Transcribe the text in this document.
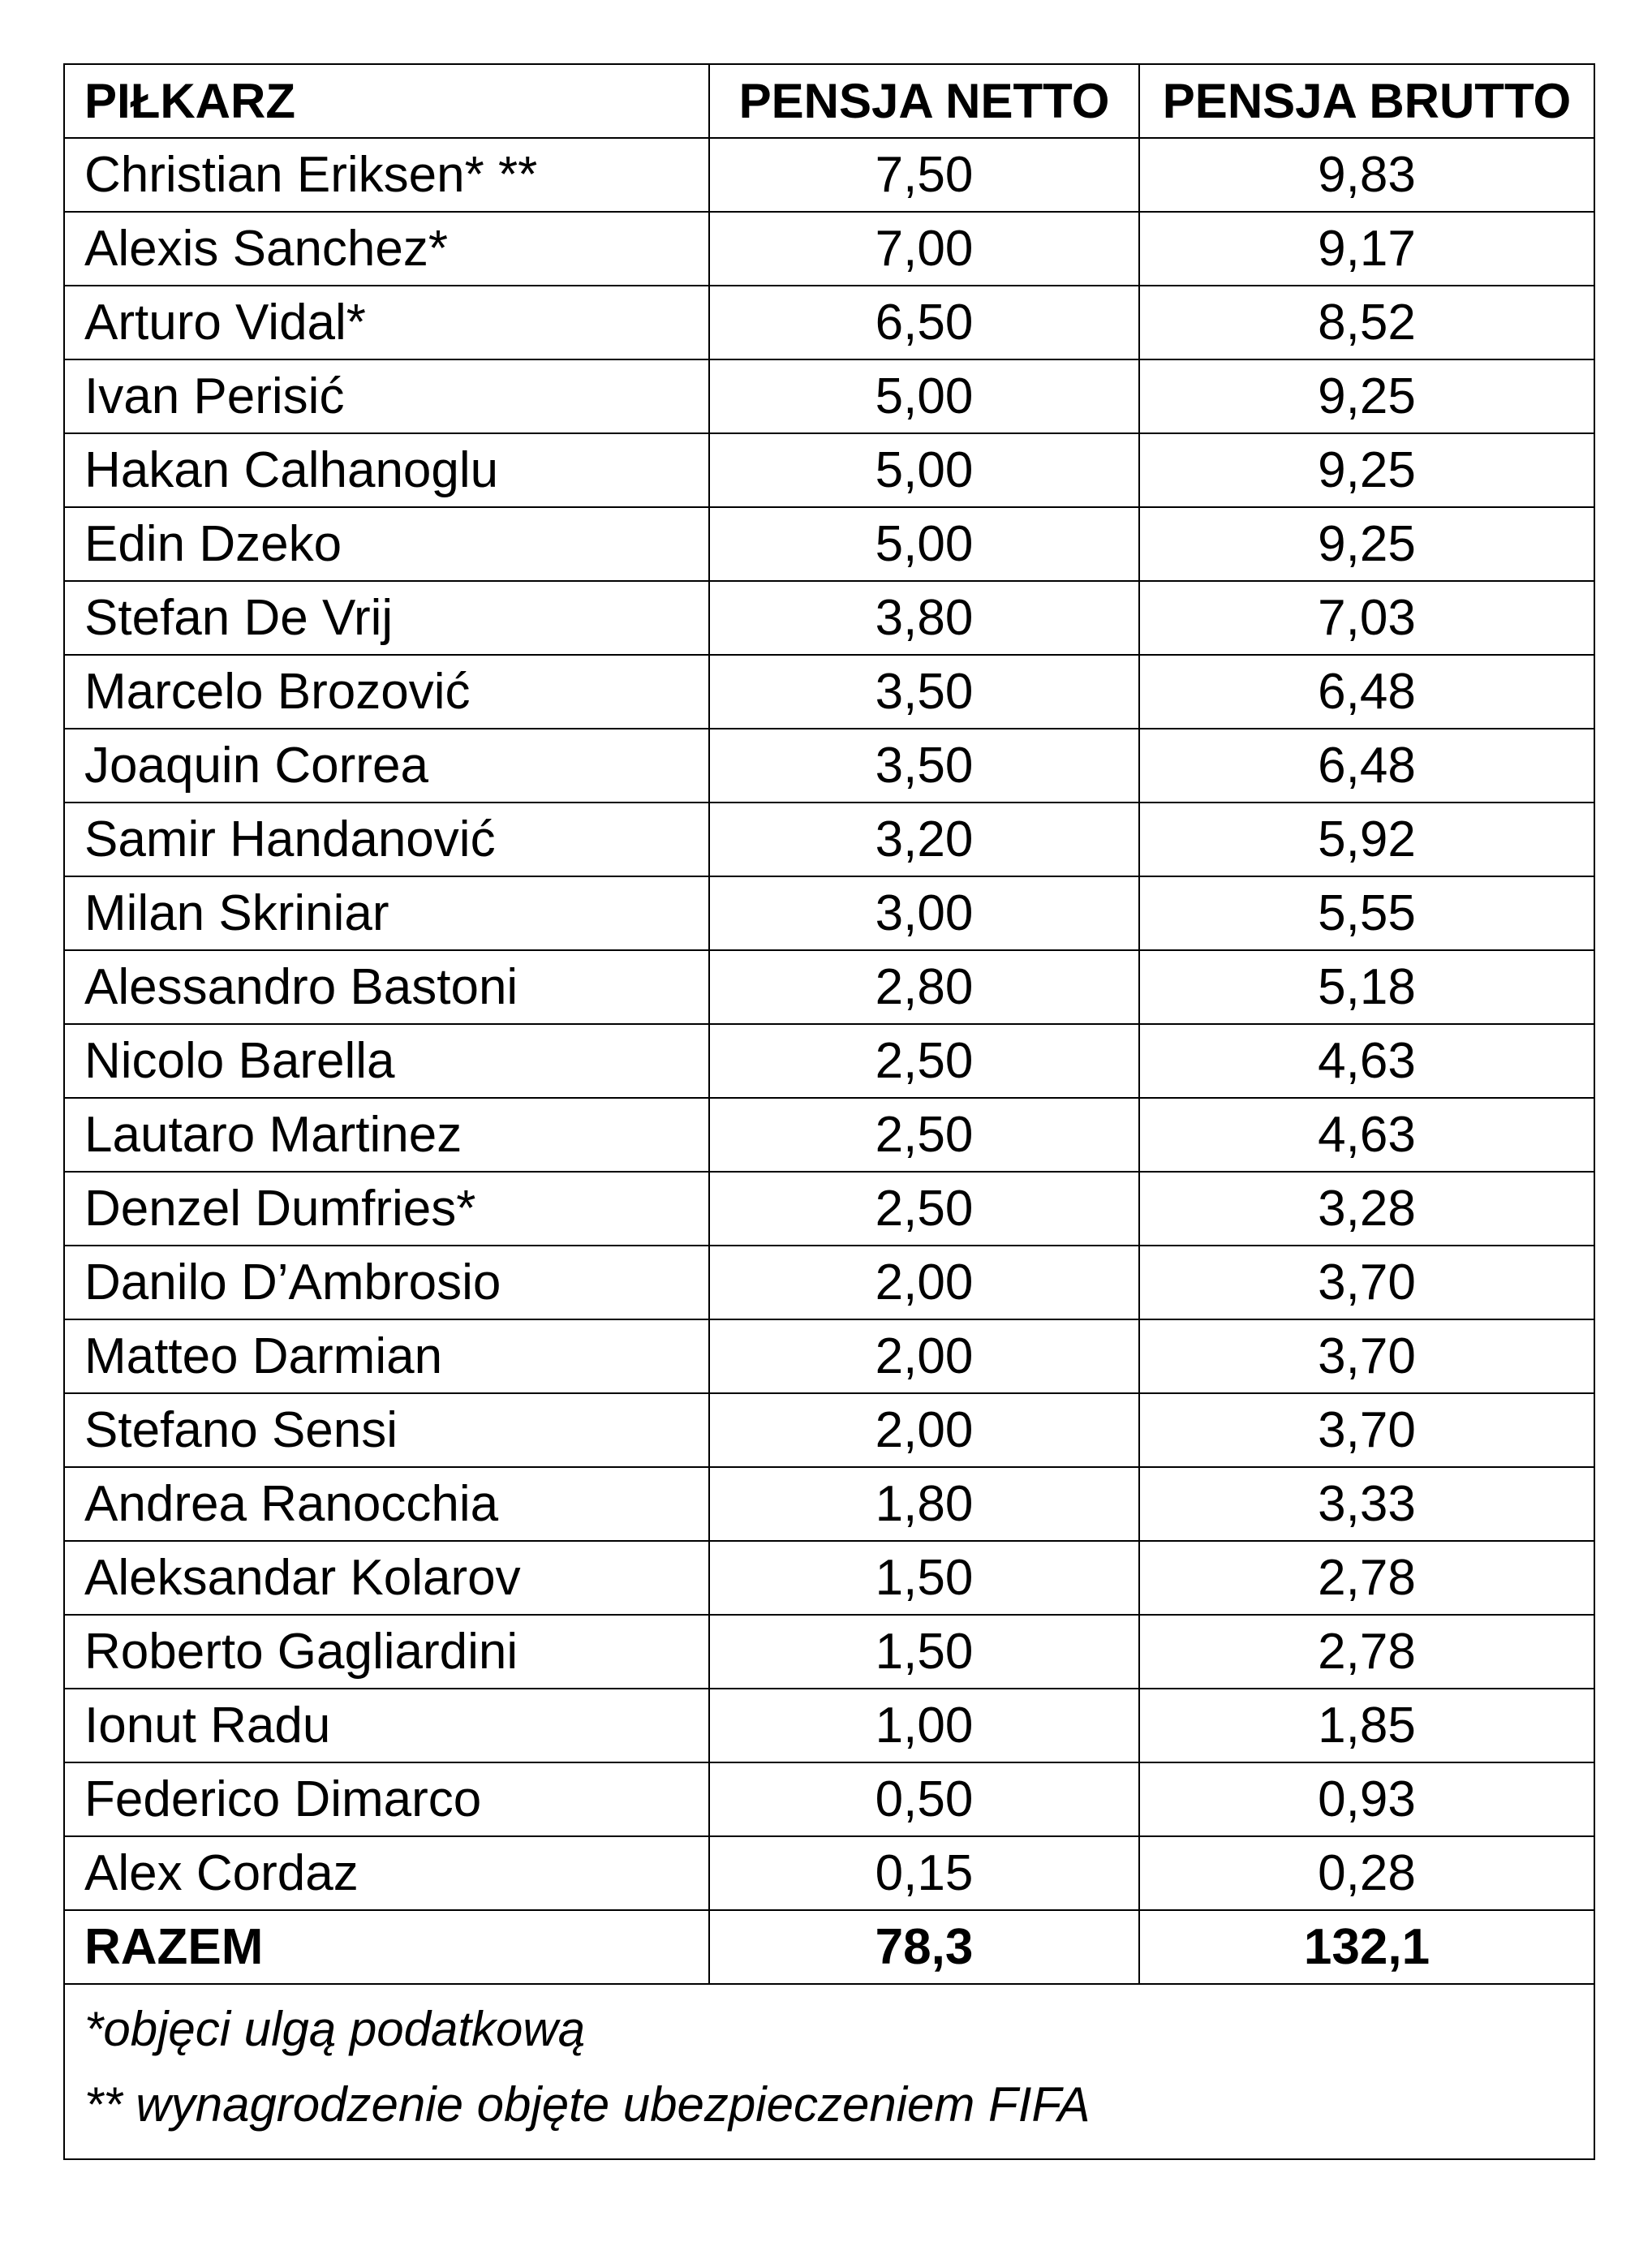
PIŁKARZ	PENSJA NETTO	PENSJA BRUTTO
Christian Eriksen* **	7,50	9,83
Alexis Sanchez*	7,00	9,17
Arturo Vidal*	6,50	8,52
Ivan Perisić	5,00	9,25
Hakan Calhanoglu	5,00	9,25
Edin Dzeko	5,00	9,25
Stefan De Vrij	3,80	7,03
Marcelo Brozović	3,50	6,48
Joaquin Correa	3,50	6,48
Samir Handanović	3,20	5,92
Milan Skriniar	3,00	5,55
Alessandro Bastoni	2,80	5,18
Nicolo Barella	2,50	4,63
Lautaro Martinez	2,50	4,63
Denzel Dumfries*	2,50	3,28
Danilo D’Ambrosio	2,00	3,70
Matteo Darmian	2,00	3,70
Stefano Sensi	2,00	3,70
Andrea Ranocchia	1,80	3,33
Aleksandar Kolarov	1,50	2,78
Roberto Gagliardini	1,50	2,78
Ionut Radu	1,00	1,85
Federico Dimarco	0,50	0,93
Alex Cordaz	0,15	0,28
RAZEM	78,3	132,1

*objęci ulgą podatkową
** wynagrodzenie objęte ubezpieczeniem FIFA		
